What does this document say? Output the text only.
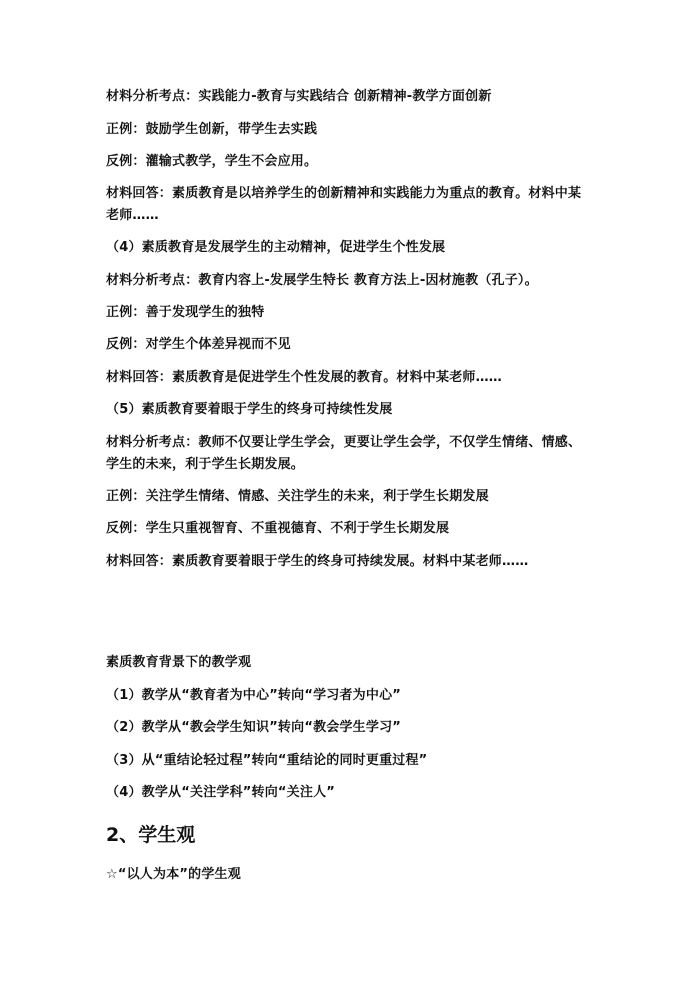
材料分析考点：实践能力-教育与实践结合 创新精神-教学方面创新
正例：鼓励学生创新，带学生去实践
反例：灌输式教学，学生不会应用。
材料回答：素质教育是以培养学生的创新精神和实践能力为重点的教育。材料中某老师……
（4）素质教育是发展学生的主动精神，促进学生个性发展
材料分析考点：教育内容上-发展学生特长 教育方法上-因材施教（孔子）。
正例：善于发现学生的独特
反例：对学生个体差异视而不见
材料回答：素质教育是促进学生个性发展的教育。材料中某老师……
（5）素质教育要着眼于学生的终身可持续性发展
材料分析考点：教师不仅要让学生学会，更要让学生会学，不仅学生情绪、情感、学生的未来，利于学生长期发展。
正例：关注学生情绪、情感、关注学生的未来，利于学生长期发展
反例：学生只重视智育、不重视德育、不利于学生长期发展
材料回答：素质教育要着眼于学生的终身可持续发展。材料中某老师……
素质教育背景下的教学观
（1）教学从“教育者为中心”转向“学习者为中心”
（2）教学从“教会学生知识”转向“教会学生学习”
（3）从“重结论轻过程”转向“重结论的同时更重过程”
（4）教学从“关注学科”转向“关注人”
2、学生观
☆“以人为本”的学生观
